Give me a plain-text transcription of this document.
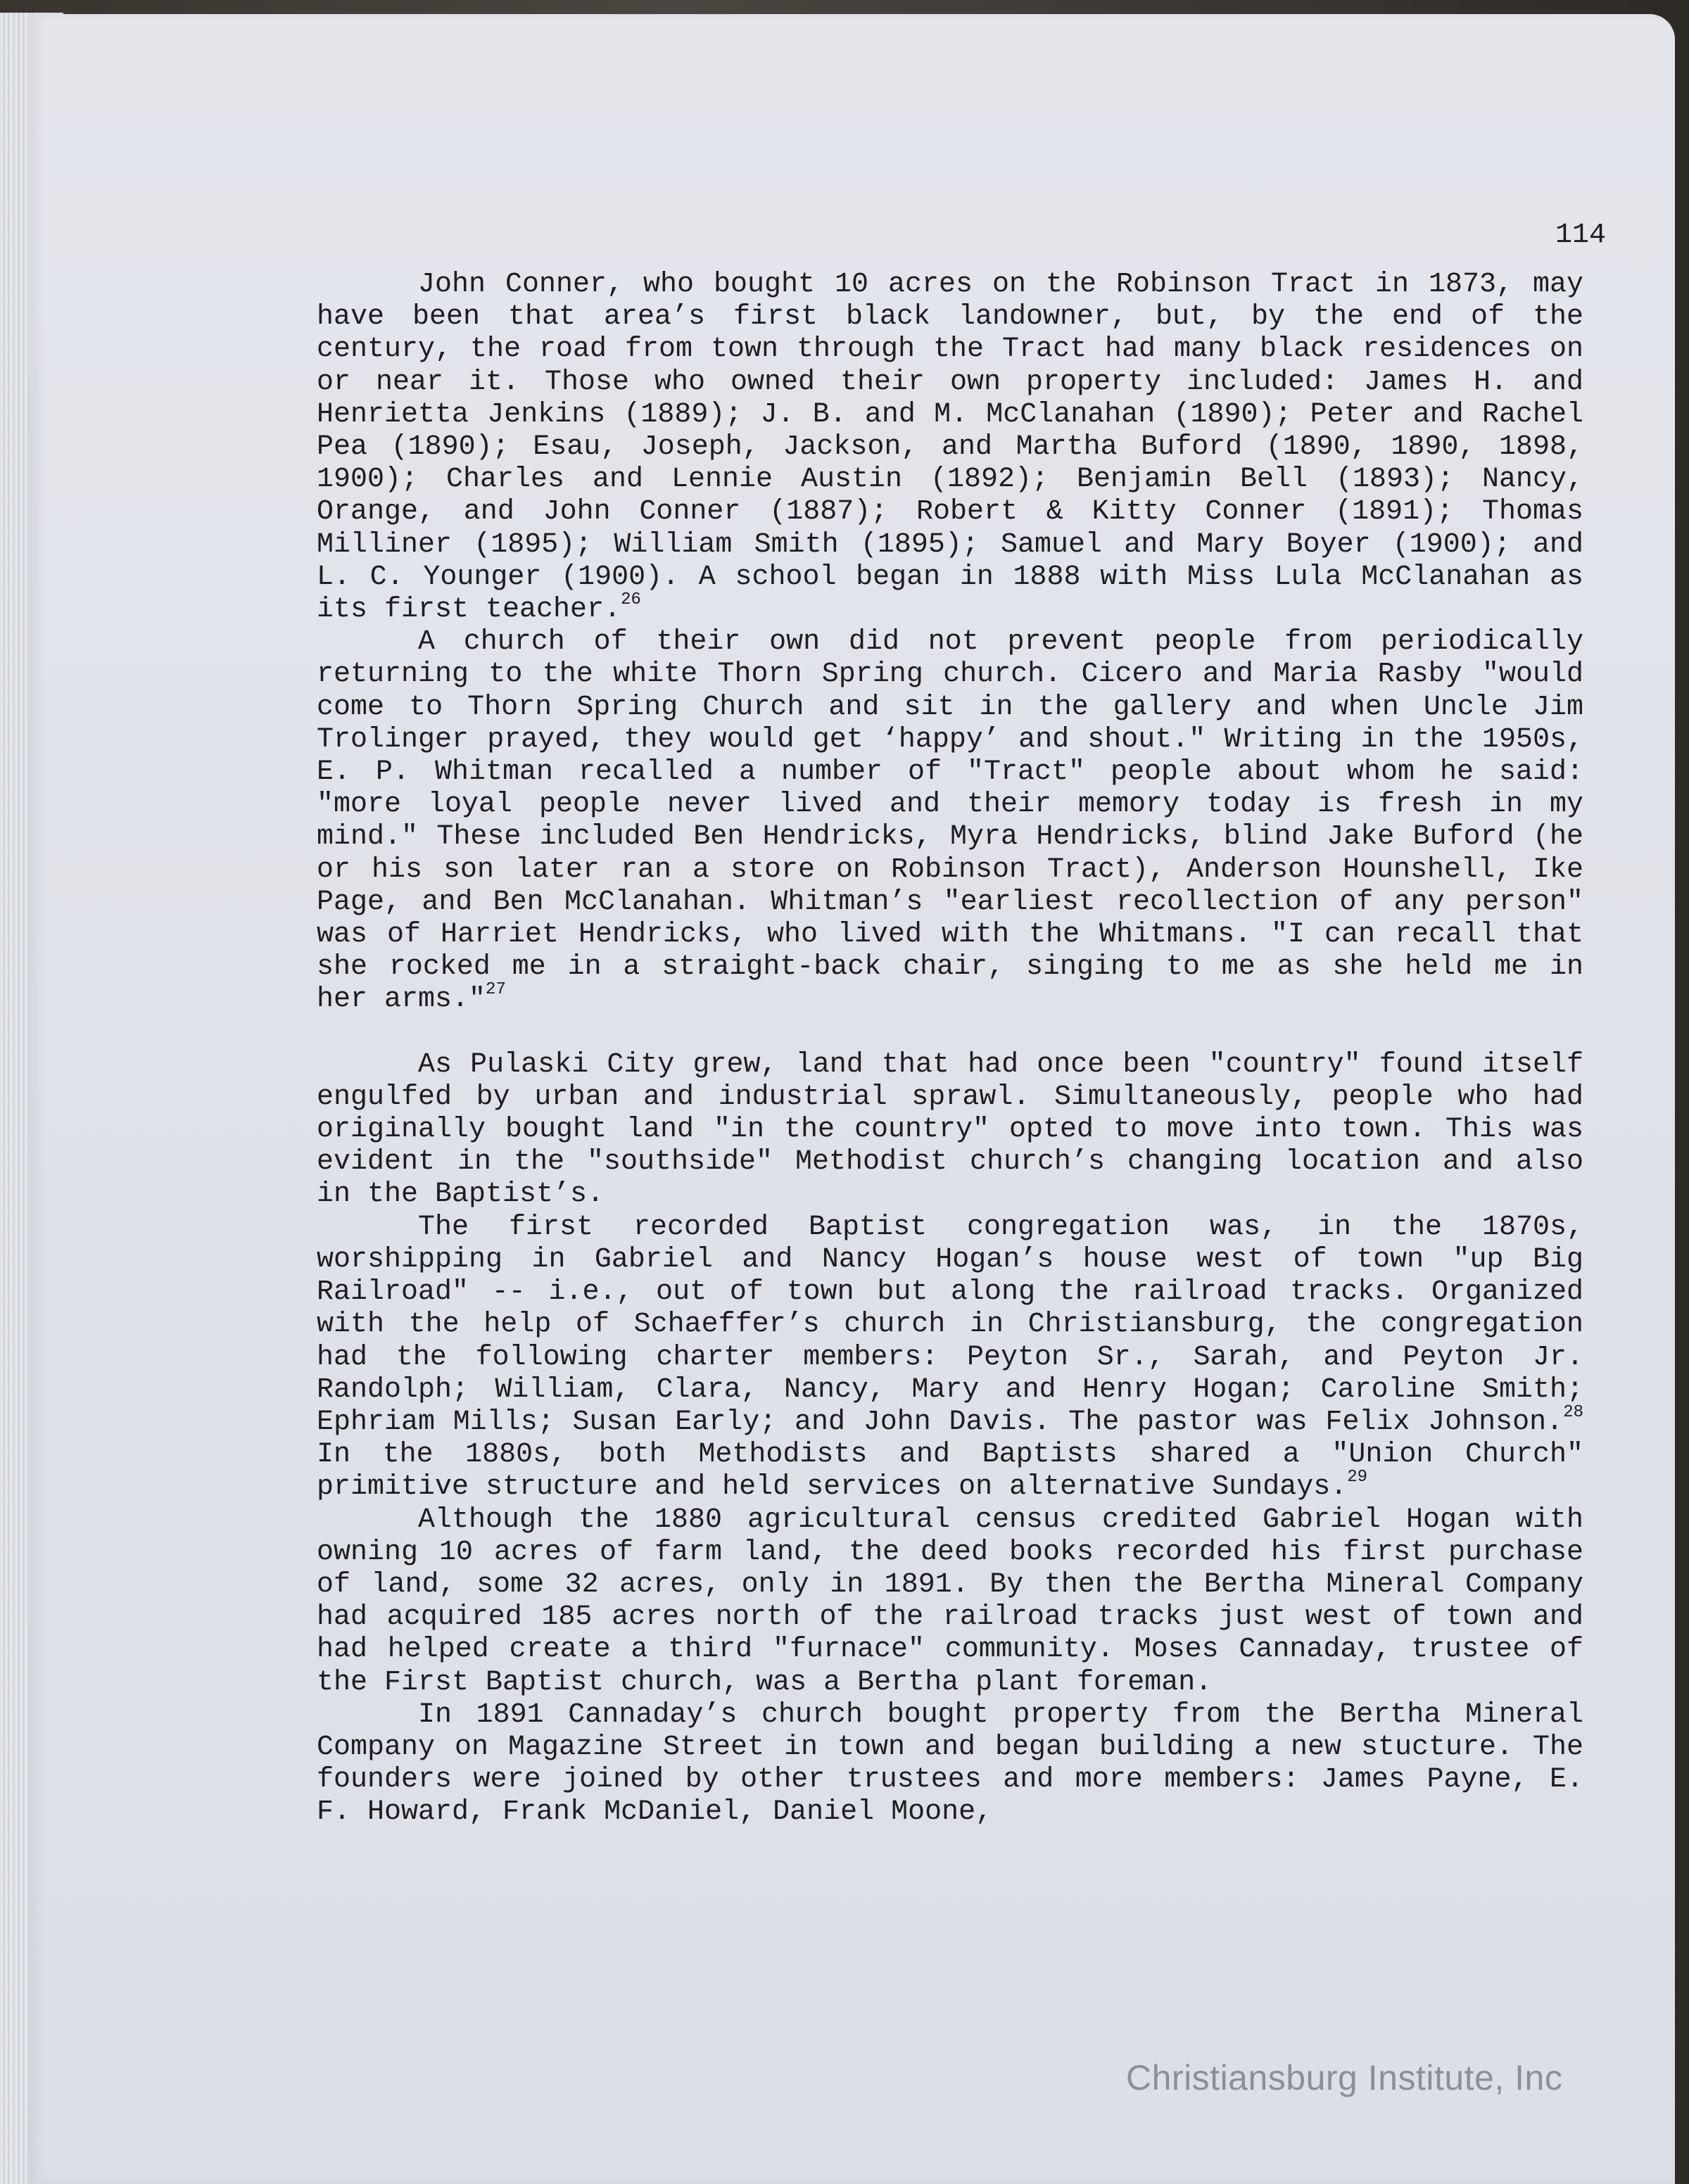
114

John Conner, who bought 10 acres on the Robinson Tract in 1873, may have been that area’s first black landowner, but, by the end of the century, the road from town through the Tract had many black residences on or near it. Those who owned their own property included: James H. and Henrietta Jenkins (1889); J. B. and M. McClanahan (1890); Peter and Rachel Pea (1890); Esau, Joseph, Jackson, and Martha Buford (1890, 1890, 1898, 1900); Charles and Lennie Austin (1892); Benjamin Bell (1893); Nancy, Orange, and John Conner (1887); Robert & Kitty Conner (1891); Thomas Milliner (1895); William Smith (1895); Samuel and Mary Boyer (1900); and L. C. Younger (1900). A school began in 1888 with Miss Lula McClanahan as its first teacher.$^{26}$

A church of their own did not prevent people from periodically returning to the white Thorn Spring church. Cicero and Maria Rasby "would come to Thorn Spring Church and sit in the gallery and when Uncle Jim Trolinger prayed, they would get ‘happy’ and shout." Writing in the 1950s, E. P. Whitman recalled a number of "Tract" people about whom he said: "more loyal people never lived and their memory today is fresh in my mind." These included Ben Hendricks, Myra Hendricks, blind Jake Buford (he or his son later ran a store on Robinson Tract), Anderson Hounshell, Ike Page, and Ben McClanahan. Whitman’s "earliest recollection of any person" was of Harriet Hendricks, who lived with the Whitmans. "I can recall that she rocked me in a straight-back chair, singing to me as she held me in her arms."$^{27}$

As Pulaski City grew, land that had once been "country" found itself engulfed by urban and industrial sprawl. Simultaneously, people who had originally bought land "in the country" opted to move into town. This was evident in the "southside" Methodist church’s changing location and also in the Baptist’s.

The first recorded Baptist congregation was, in the 1870s, worshipping in Gabriel and Nancy Hogan’s house west of town "up Big Railroad" -- i.e., out of town but along the railroad tracks. Organized with the help of Schaeffer’s church in Christiansburg, the congregation had the following charter members: Peyton Sr., Sarah, and Peyton Jr. Randolph; William, Clara, Nancy, Mary and Henry Hogan; Caroline Smith; Ephriam Mills; Susan Early; and John Davis. The pastor was Felix Johnson.$^{28}$ In the 1880s, both Methodists and Baptists shared a "Union Church" primitive structure and held services on alternative Sundays.$^{29}$

Although the 1880 agricultural census credited Gabriel Hogan with owning 10 acres of farm land, the deed books recorded his first purchase of land, some 32 acres, only in 1891. By then the Bertha Mineral Company had acquired 185 acres north of the railroad tracks just west of town and had helped create a third "furnace" community. Moses Cannaday, trustee of the First Baptist church, was a Bertha plant foreman.

In 1891 Cannaday’s church bought property from the Bertha Mineral Company on Magazine Street in town and began building a new stucture. The founders were joined by other trustees and more members: James Payne, E. F. Howard, Frank McDaniel, Daniel Moone,

Christiansburg Institute, Inc
